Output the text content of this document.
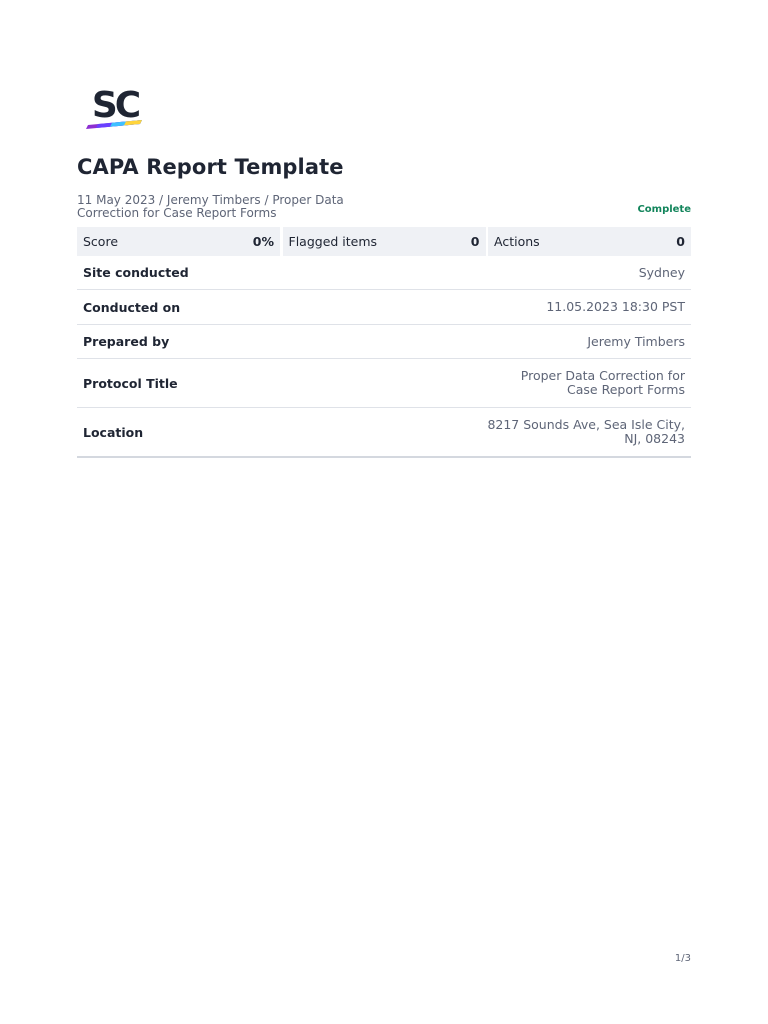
SC
CAPA Report Template
11 May 2023 / Jeremy Timbers / Proper Data Correction for Case Report Forms	Complete
Score	0% Flagged items	0 Actions	0
Site conducted	Sydney
Conducted on	11.05.2023 18:30 PST
Prepared by	Jeremy Timbers
Protocol Title	Proper Data Correction for
Case Report Forms
Location	8217 Sounds Ave, Sea Isle City,
NJ, 08243
1/3
